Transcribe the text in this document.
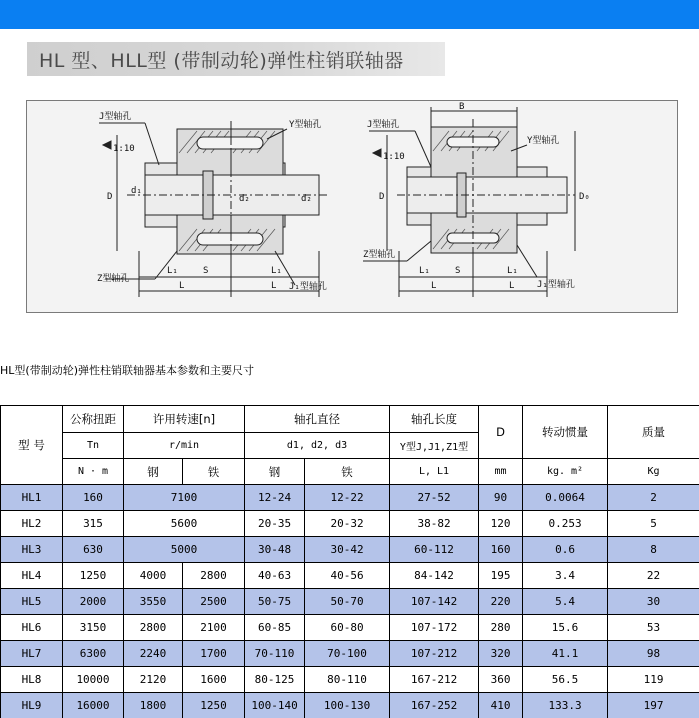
HL 型、HLL型 (带制动轮)弹性柱销联轴器
J型轴孔
1:10
Y型轴孔
Z型轴孔
J₁型轴孔
D
d₁
d₂	d₂
L₁	S	L₁
L	L
B
J型轴孔
1:10
Y型轴孔
Z型轴孔
J₁型轴孔
D	D₀
L₁	S	L₁
L	L
HL型(带制动轮)弹性柱销联轴器基本参数和主要尺寸
型 号	公称扭距	许用转速[n]		轴孔直径		轴孔长度	D	转动惯量	质量
	Tn	r/min		d1, d2, d3		Y型J,J1,Z1型			
	N · m	钢	铁	钢	铁	L, L1	mm	kg. m²	Kg
HL1	160	7100		12-24	12-22	27-52	90	0.0064	2
HL2	315	5600		20-35	20-32	38-82	120	0.253	5
HL3	630	5000		30-48	30-42	60-112	160	0.6	8
HL4	1250	4000	2800	40-63	40-56	84-142	195	3.4	22
HL5	2000	3550	2500	50-75	50-70	107-142	220	5.4	30
HL6	3150	2800	2100	60-85	60-80	107-172	280	15.6	53
HL7	6300	2240	1700	70-110	70-100	107-212	320	41.1	98
HL8	10000	2120	1600	80-125	80-110	167-212	360	56.5	119
HL9	16000	1800	1250	100-140	100-130	167-252	410	133.3	197
